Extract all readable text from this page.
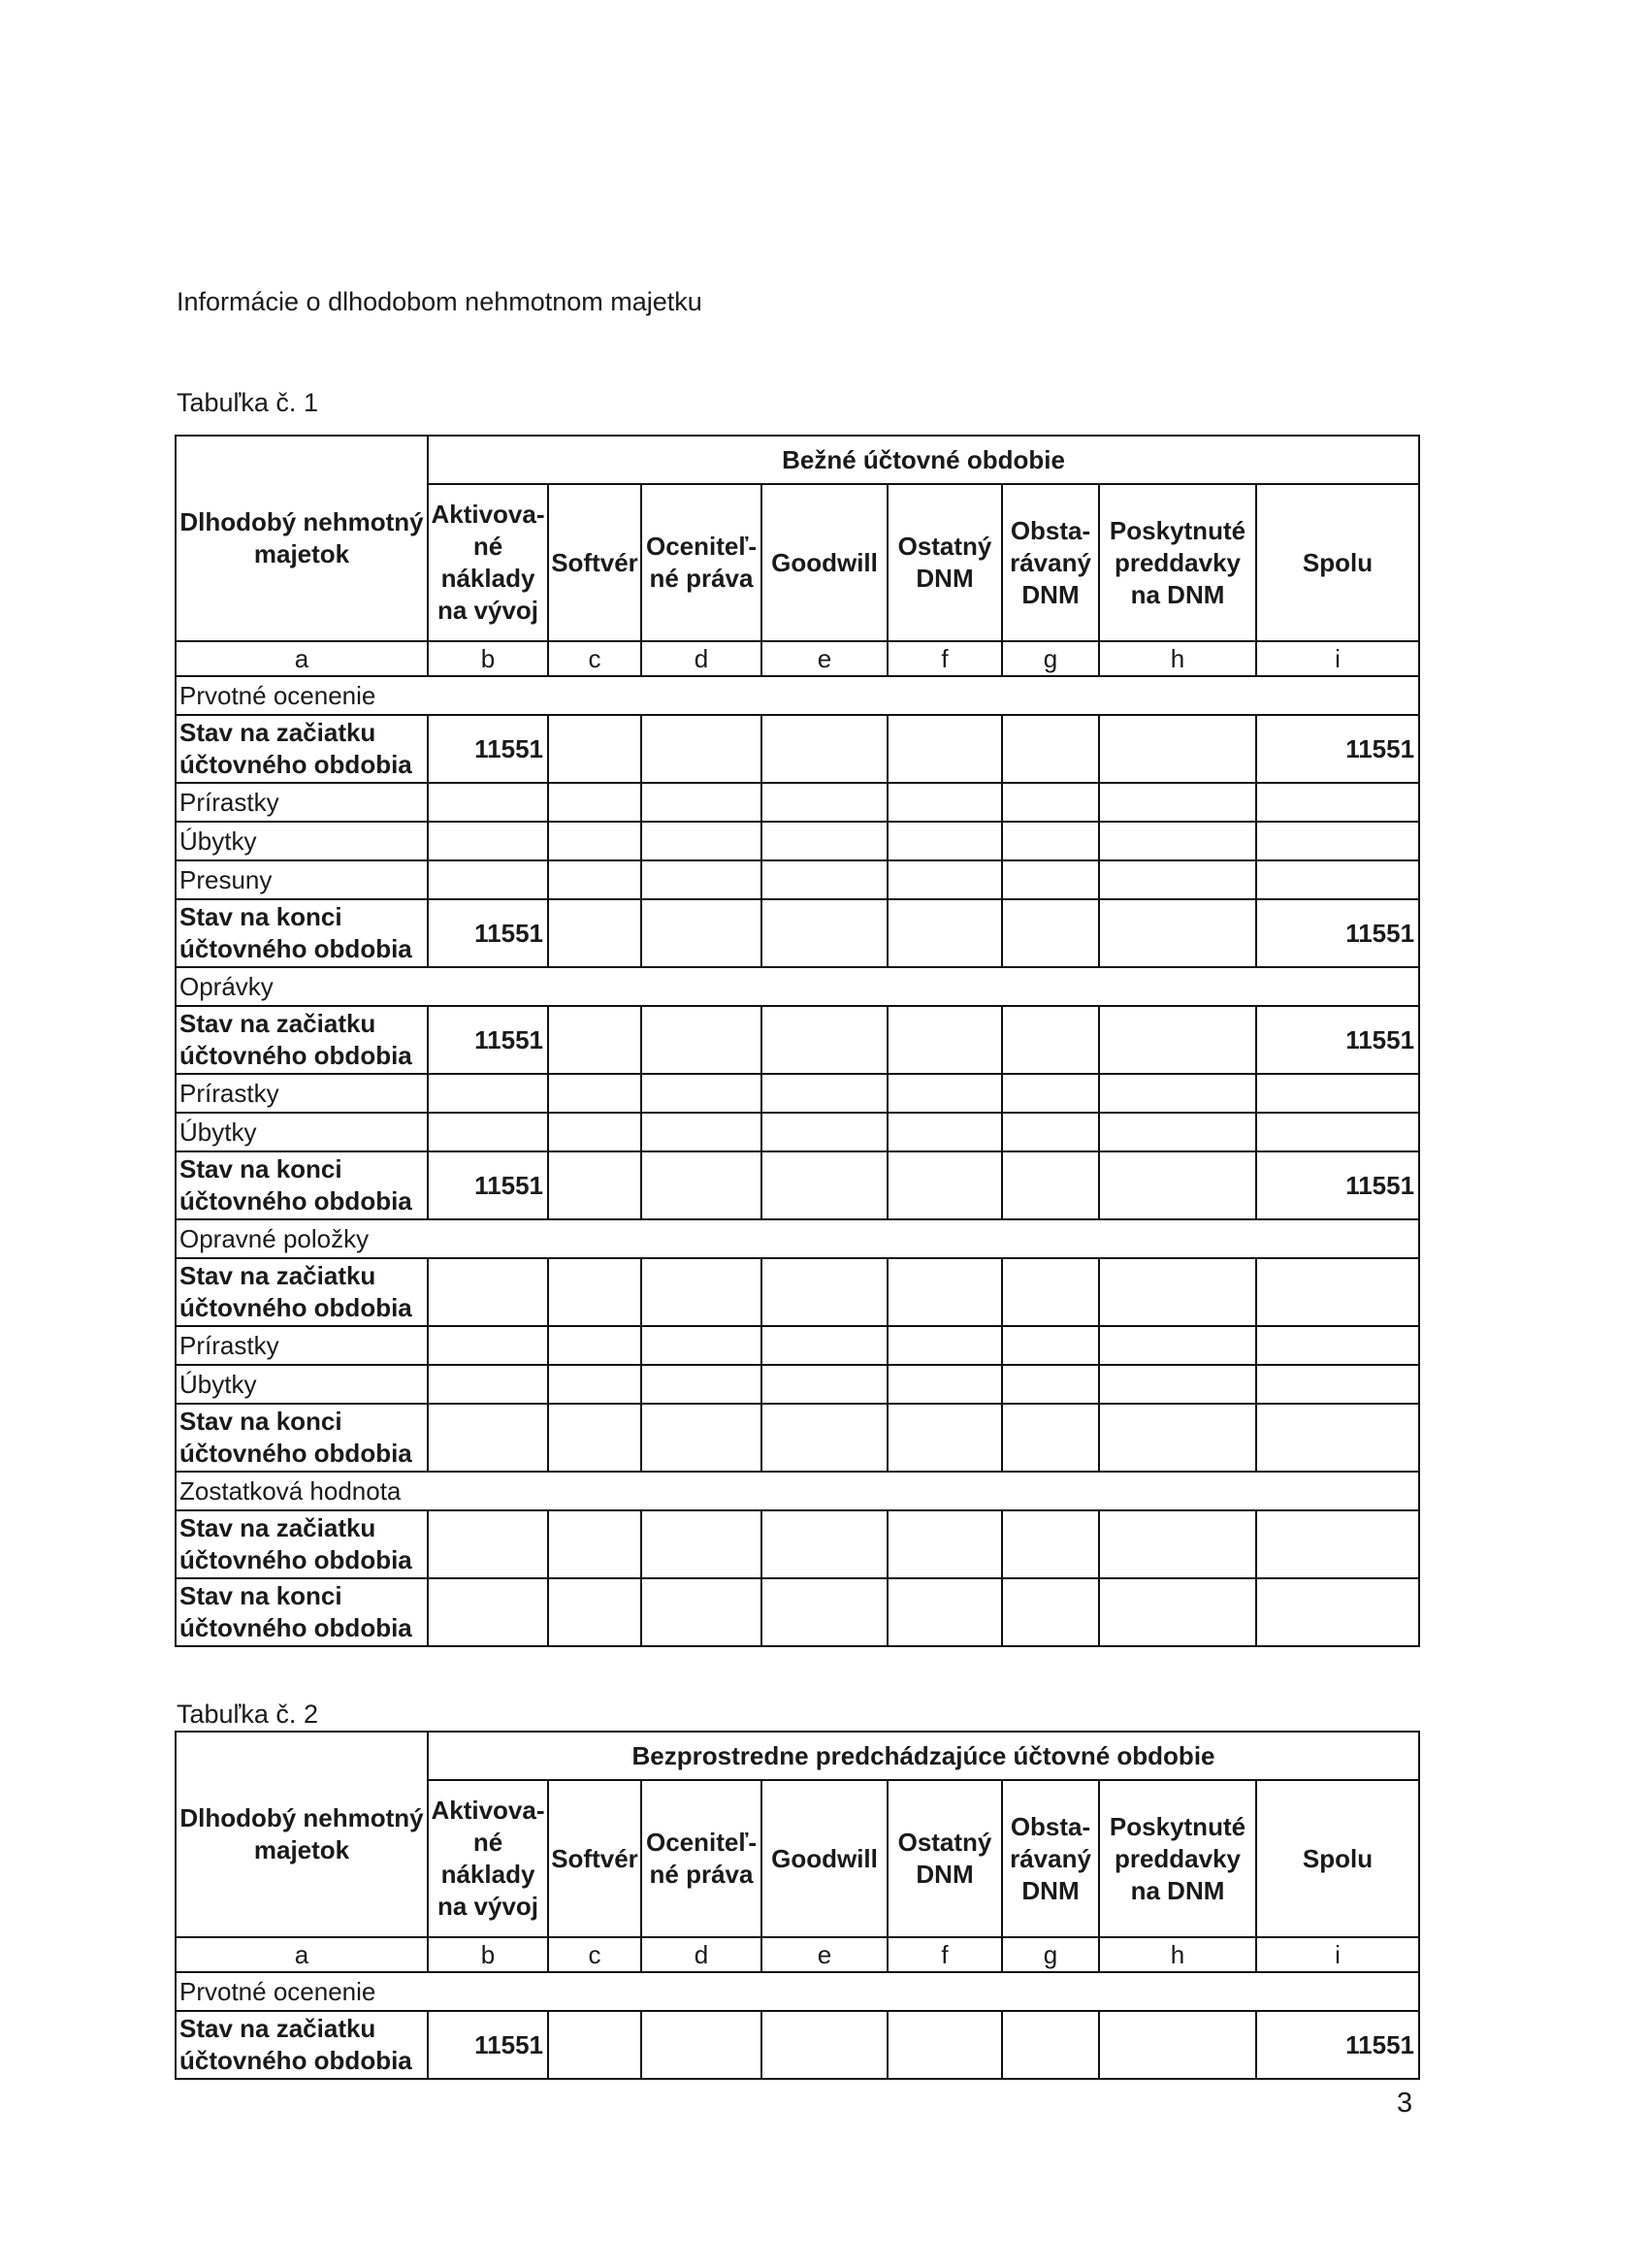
Informácie o dlhodobom nehmotnom majetku
Tabuľka č. 1
Tabuľka č. 2
3
Dlhodobý nehmotný majetok	Bežné účtovné obdobie							
	Aktivova-
né
náklady
na vývoj	Softvér	Oceniteľ-
né práva	Goodwill	Ostatný
DNM	Obsta-
rávaný
DNM	Poskytnuté
preddavky
na DNM	Spolu
a	b	c	d	e	f	g	h	i
Prvotné ocenenie								
Stav na začiatku účtovného obdobia	11551							11551
Prírastky								
Úbytky								
Presuny								
Stav na konci účtovného obdobia	11551							11551
Oprávky								
Stav na začiatku účtovného obdobia	11551							11551
Prírastky								
Úbytky								
Stav na konci účtovného obdobia	11551							11551
Opravné položky								
Stav na začiatku účtovného obdobia								
Prírastky								
Úbytky								
Stav na konci účtovného obdobia								
Zostatková hodnota								
Stav na začiatku účtovného obdobia								
Stav na konci účtovného obdobia								
Dlhodobý nehmotný majetok	Bezprostredne predchádzajúce účtovné obdobie							
	Aktivova-
né
náklady
na vývoj	Softvér	Oceniteľ-
né práva	Goodwill	Ostatný
DNM	Obsta-
rávaný
DNM	Poskytnuté
preddavky
na DNM	Spolu
a	b	c	d	e	f	g	h	i
Prvotné ocenenie								
Stav na začiatku účtovného obdobia	11551							11551
